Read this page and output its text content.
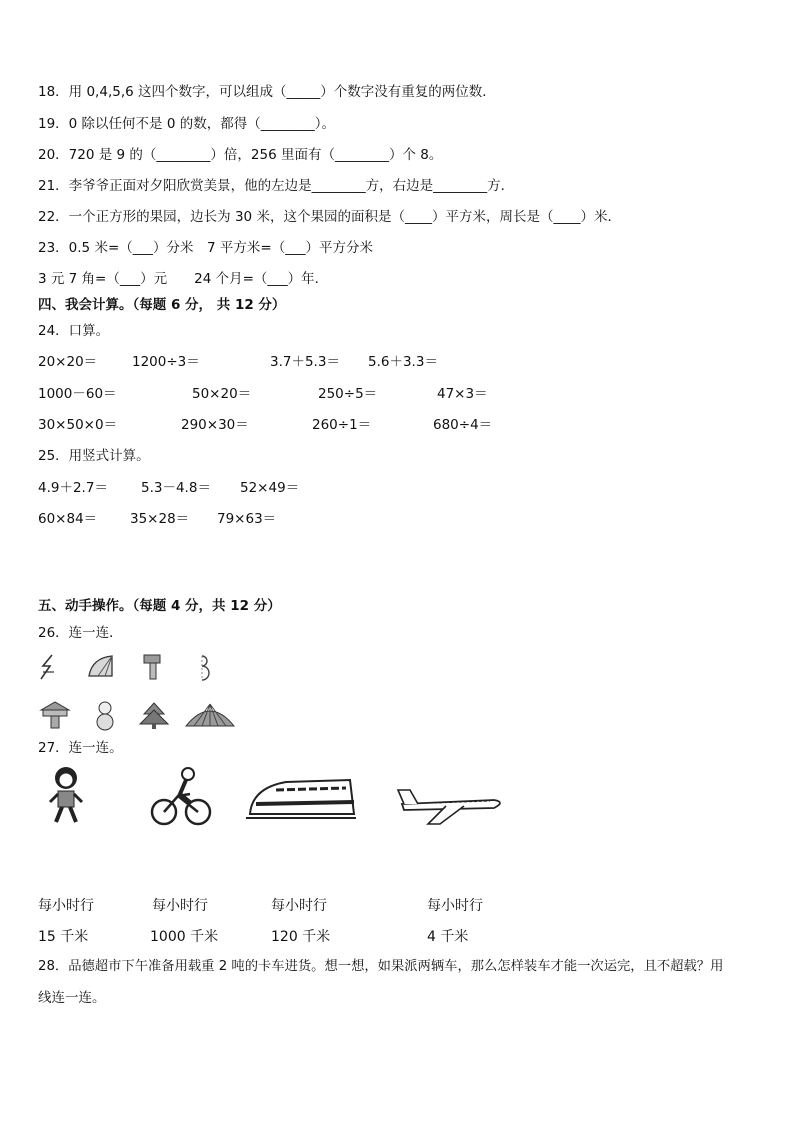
18．用 0,4,5,6 这四个数字，可以组成（_____）个数字没有重复的两位数．
19．0 除以任何不是 0 的数，都得（________）。
20．720 是 9 的（________）倍，256 里面有（________）个 8。
21．李爷爷正面对夕阳欣赏美景，他的左边是________方，右边是________方．
22．一个正方形的果园，边长为 30 米，这个果园的面积是（____）平方米，周长是（____）米．
23．0.5 米=（___）分米　7 平方米=（___）平方分米
3 元 7 角=（___）元　　24 个月=（___）年．
四、我会计算。（每题 6 分， 共 12 分）
24．口算。
20×20＝	1200÷3＝	3.7＋5.3＝ 5.6＋3.3＝
1000－60＝	50×20＝	250÷5＝	47×3＝
30×50×0＝	290×30＝	260÷1＝	680÷4＝
25．用竖式计算。
4.9＋2.7＝ 5.3－4.8＝ 52×49＝
60×84＝ 35×28＝ 79×63＝
五、动手操作。（每题 4 分，共 12 分）
26．连一连．
27．连一连。
每小时行	每小时行	每小时行	每小时行
15 千米	1000 千米	120 千米	4 千米
28．品德超市下午准备用载重 2 吨的卡车进货。想一想，如果派两辆车，那么怎样装车才能一次运完，且不超载？用
线连一连。
